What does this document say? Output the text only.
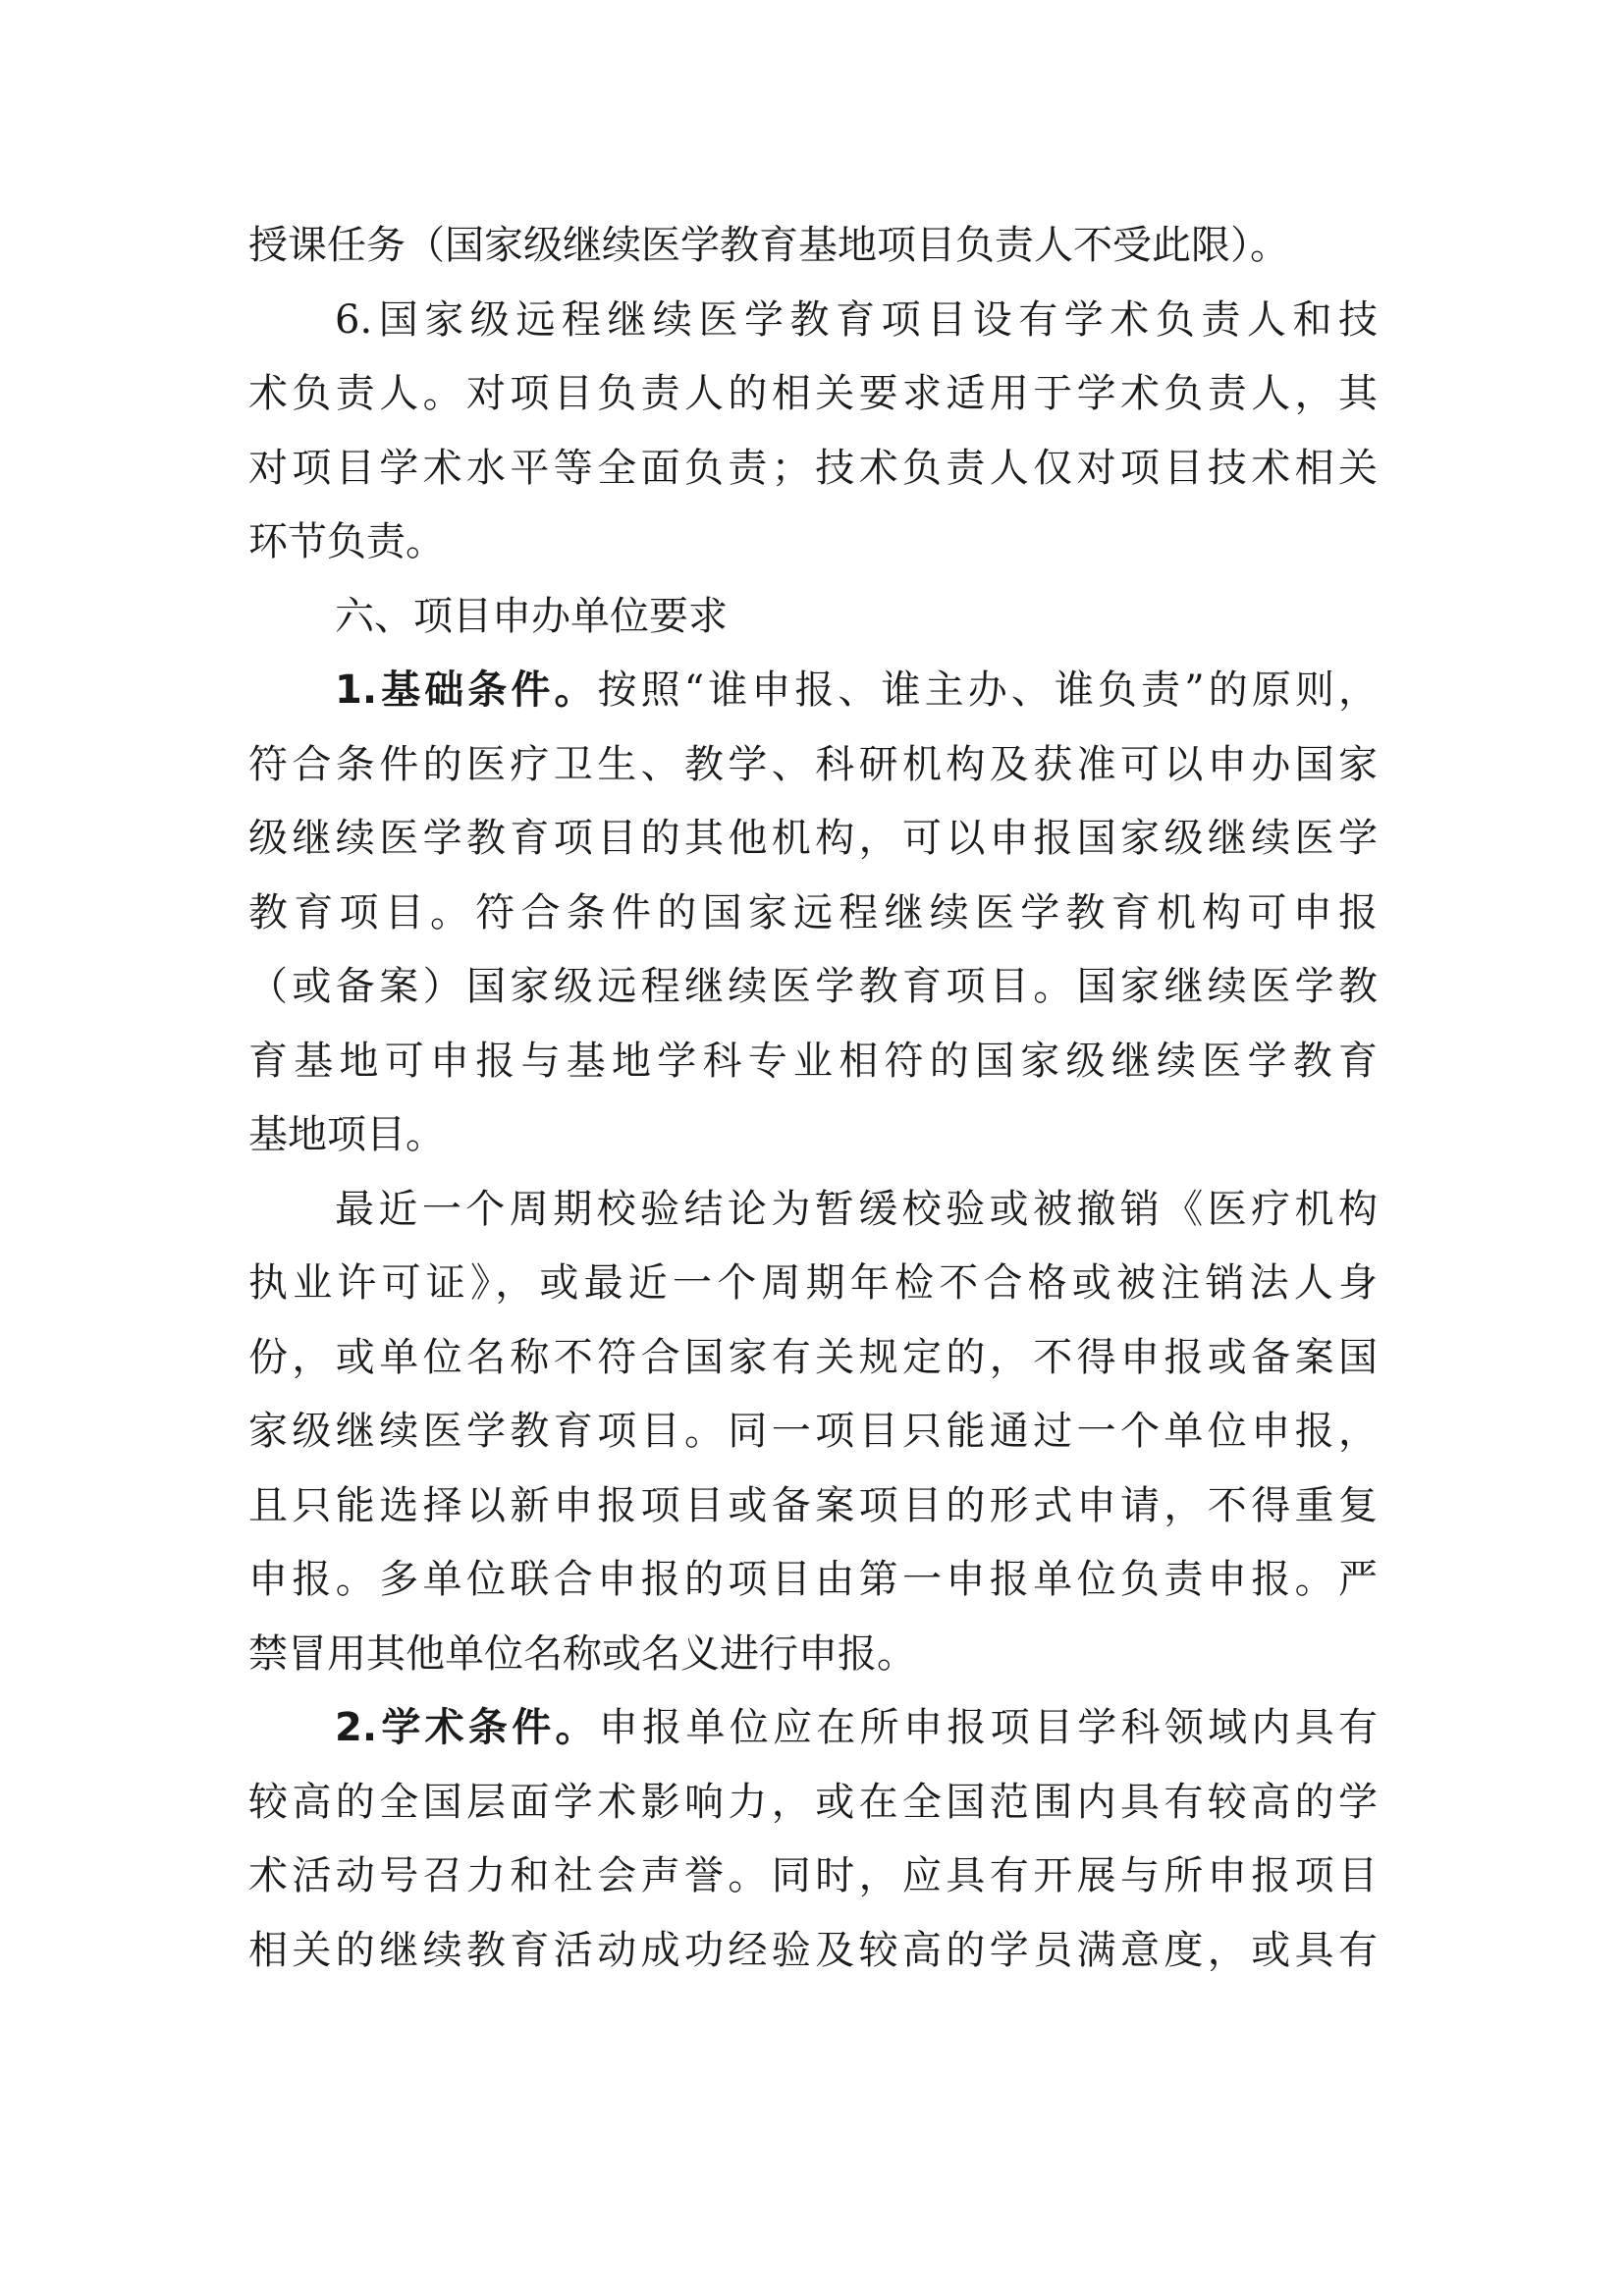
授课任务（国家级继续医学教育基地项目负责人不受此限）。
6.国家级远程继续医学教育项目设有学术负责人和技
术负责人。对项目负责人的相关要求适用于学术负责人，其
对项目学术水平等全面负责；技术负责人仅对项目技术相关
环节负责。
六、项目申办单位要求
1.基础条件。按照“谁申报、谁主办、谁负责”的原则，
符合条件的医疗卫生、教学、科研机构及获准可以申办国家
级继续医学教育项目的其他机构，可以申报国家级继续医学
教育项目。符合条件的国家远程继续医学教育机构可申报
（或备案）国家级远程继续医学教育项目。国家继续医学教
育基地可申报与基地学科专业相符的国家级继续医学教育
基地项目。
最近一个周期校验结论为暂缓校验或被撤销《医疗机构
执业许可证》，或最近一个周期年检不合格或被注销法人身
份，或单位名称不符合国家有关规定的，不得申报或备案国
家级继续医学教育项目。同一项目只能通过一个单位申报，
且只能选择以新申报项目或备案项目的形式申请，不得重复
申报。多单位联合申报的项目由第一申报单位负责申报。严
禁冒用其他单位名称或名义进行申报。
2.学术条件。申报单位应在所申报项目学科领域内具有
较高的全国层面学术影响力，或在全国范围内具有较高的学
术活动号召力和社会声誉。同时，应具有开展与所申报项目
相关的继续教育活动成功经验及较高的学员满意度，或具有
